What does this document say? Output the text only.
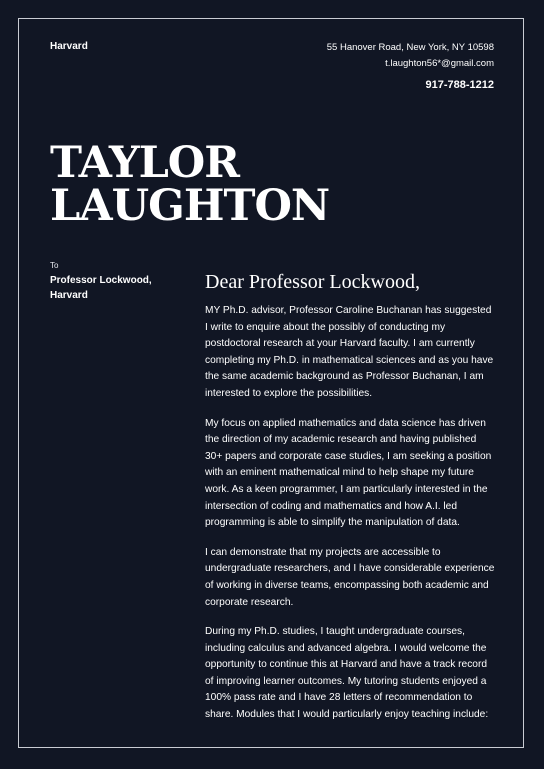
Harvard	55 Hanover Road, New York, NY 10598
t.laughton56*@gmail.com
917-788-1212
TAYLOR
LAUGHTON
To
Professor Lockwood,
Harvard
Dear Professor Lockwood,

MY Ph.D. advisor, Professor Caroline Buchanan has suggested I write to enquire about the possibly of conducting my postdoctoral research at your Harvard faculty. I am currently completing my Ph.D. in mathematical sciences and as you have the same academic background as Professor Buchanan, I am interested to explore the possibilities.

My focus on applied mathematics and data science has driven the direction of my academic research and having published 30+ papers and corporate case studies, I am seeking a position with an eminent mathematical mind to help shape my future work. As a keen programmer, I am particularly interested in the intersection of coding and mathematics and how A.I. led programming is able to simplify the manipulation of data.

I can demonstrate that my projects are accessible to undergraduate researchers, and I have considerable experience of working in diverse teams, encompassing both academic and corporate research.

During my Ph.D. studies, I taught undergraduate courses, including calculus and advanced algebra. I would welcome the opportunity to continue this at Harvard and have a track record of improving learner outcomes. My tutoring students enjoyed a 100% pass rate and I have 28 letters of recommendation to share. Modules that I would particularly enjoy teaching include:
